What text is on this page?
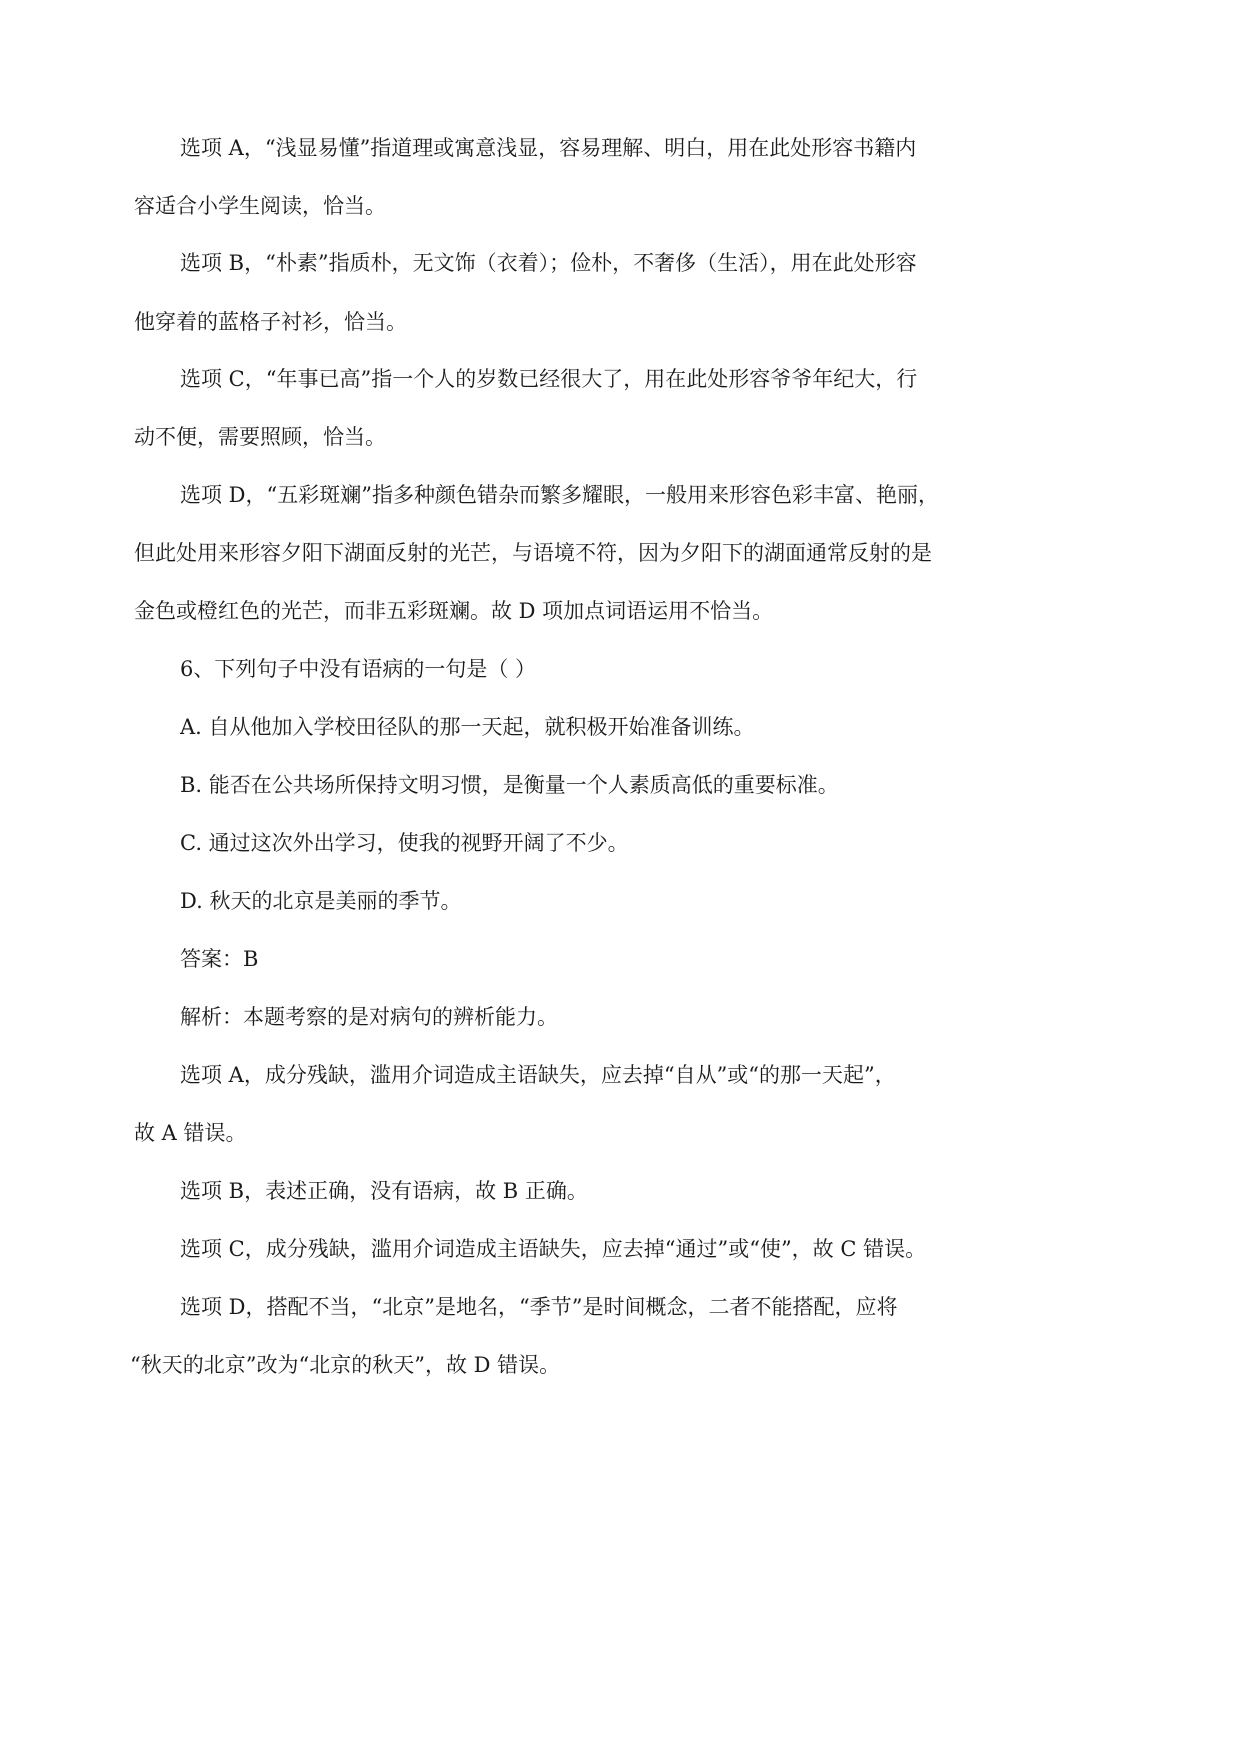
选项 A，“浅显易懂”指道理或寓意浅显，容易理解、明白，用在此处形容书籍内

容适合小学生阅读，恰当。

选项 B，“朴素”指质朴，无文饰（衣着）；俭朴，不奢侈（生活），用在此处形容

他穿着的蓝格子衬衫，恰当。

选项 C，“年事已高”指一个人的岁数已经很大了，用在此处形容爷爷年纪大，行

动不便，需要照顾，恰当。

选项 D，“五彩斑斓”指多种颜色错杂而繁多耀眼，一般用来形容色彩丰富、艳丽，

但此处用来形容夕阳下湖面反射的光芒，与语境不符，因为夕阳下的湖面通常反射的是

金色或橙红色的光芒，而非五彩斑斓。故 D 项加点词语运用不恰当。

6、下列句子中没有语病的一句是（ ）

A. 自从他加入学校田径队的那一天起，就积极开始准备训练。

B. 能否在公共场所保持文明习惯，是衡量一个人素质高低的重要标准。

C. 通过这次外出学习，使我的视野开阔了不少。

D. 秋天的北京是美丽的季节。

答案：B

解析：本题考察的是对病句的辨析能力。

选项 A，成分残缺，滥用介词造成主语缺失，应去掉“自从”或“的那一天起”，

故 A 错误。

选项 B，表述正确，没有语病，故 B 正确。

选项 C，成分残缺，滥用介词造成主语缺失，应去掉“通过”或“使”，故 C 错误。

选项 D，搭配不当，“北京”是地名，“季节”是时间概念，二者不能搭配，应将

“秋天的北京”改为“北京的秋天”，故 D 错误。
